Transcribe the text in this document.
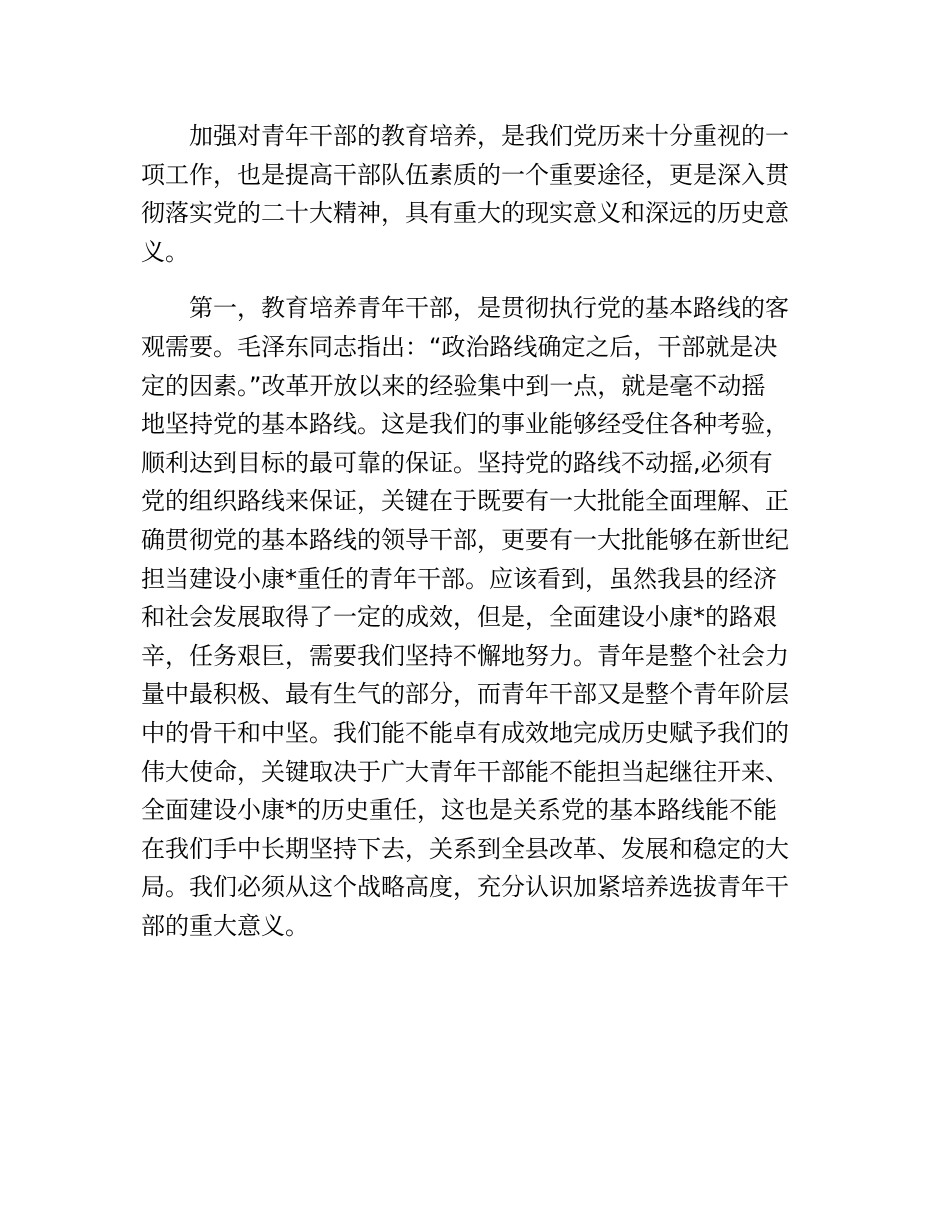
加强对青年干部的教育培养，是我们党历来十分重视的一
项工作，也是提高干部队伍素质的一个重要途径，更是深入贯
彻落实党的二十大精神，具有重大的现实意义和深远的历史意
义。
第一，教育培养青年干部，是贯彻执行党的基本路线的客
观需要。毛泽东同志指出：“政治路线确定之后，干部就是决
定的因素。”改革开放以来的经验集中到一点，就是毫不动摇
地坚持党的基本路线。这是我们的事业能够经受住各种考验，
顺利达到目标的最可靠的保证。坚持党的路线不动摇,必须有
党的组织路线来保证，关键在于既要有一大批能全面理解、正
确贯彻党的基本路线的领导干部，更要有一大批能够在新世纪
担当建设小康*重任的青年干部。应该看到，虽然我县的经济
和社会发展取得了一定的成效，但是，全面建设小康*的路艰
辛，任务艰巨，需要我们坚持不懈地努力。青年是整个社会力
量中最积极、最有生气的部分，而青年干部又是整个青年阶层
中的骨干和中坚。我们能不能卓有成效地完成历史赋予我们的
伟大使命，关键取决于广大青年干部能不能担当起继往开来、
全面建设小康*的历史重任，这也是关系党的基本路线能不能
在我们手中长期坚持下去，关系到全县改革、发展和稳定的大
局。我们必须从这个战略高度，充分认识加紧培养选拔青年干
部的重大意义。
